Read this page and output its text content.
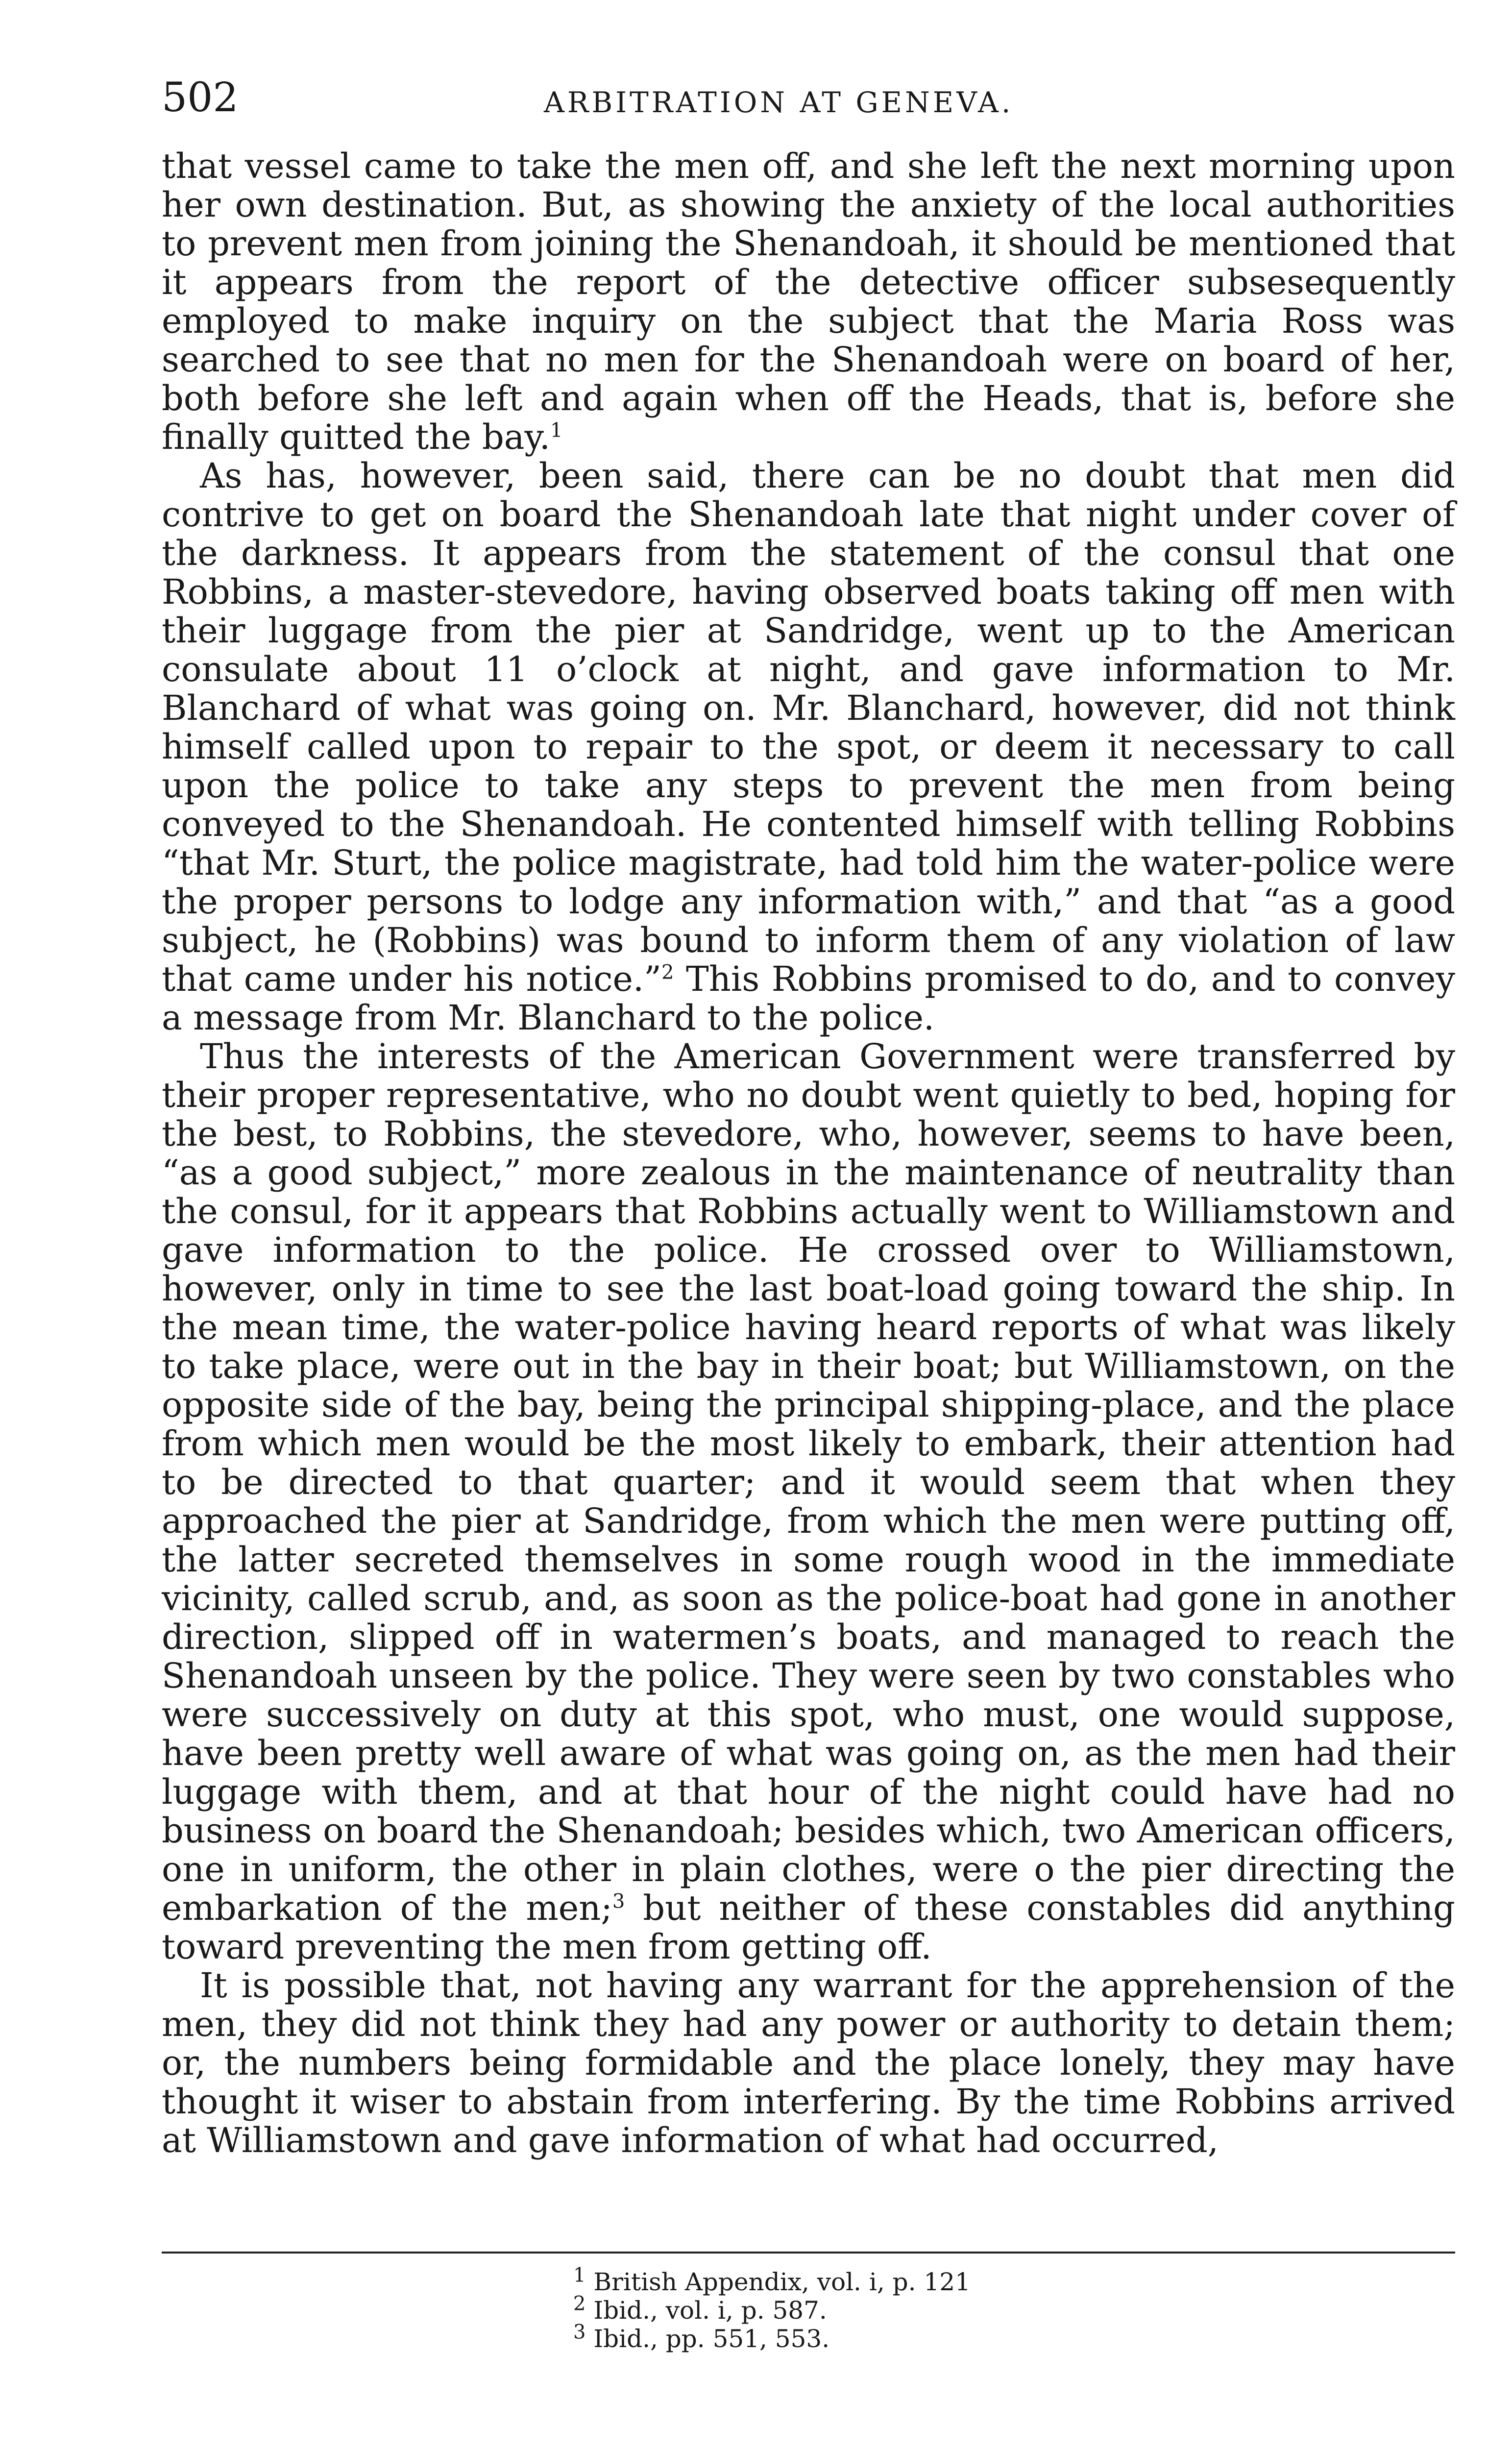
502	ARBITRATION AT GENEVA.

that vessel came to take the men off, and she left the next morning upon her own destination. But, as showing the anxiety of the local authorities to prevent men from joining the Shenandoah, it should be mentioned that it appears from the report of the detective officer subsesequently employed to make inquiry on the subject that the Maria Ross was searched to see that no men for the Shenandoah were on board of her, both before she left and again when off the Heads, that is, before she finally quitted the bay.$^1$

As has, however, been said, there can be no doubt that men did contrive to get on board the Shenandoah late that night under cover of the darkness. It appears from the statement of the consul that one Robbins, a master-stevedore, having observed boats taking off men with their luggage from the pier at Sandridge, went up to the American consulate about 11 o’clock at night, and gave information to Mr. Blanchard of what was going on. Mr. Blanchard, however, did not think himself called upon to repair to the spot, or deem it necessary to call upon the police to take any steps to prevent the men from being conveyed to the Shenandoah. He contented himself with telling Robbins “that Mr. Sturt, the police magistrate, had told him the water-police were the proper persons to lodge any information with,” and that “as a good subject, he (Robbins) was bound to inform them of any violation of law that came under his notice.”$^2$ This Robbins promised to do, and to convey a message from Mr. Blanchard to the police.

Thus the interests of the American Government were transferred by their proper representative, who no doubt went quietly to bed, hoping for the best, to Robbins, the stevedore, who, however, seems to have been, “as a good subject,” more zealous in the maintenance of neutrality than the consul, for it appears that Robbins actually went to Williamstown and gave information to the police. He crossed over to Williamstown, however, only in time to see the last boat-load going toward the ship. In the mean time, the water-police having heard reports of what was likely to take place, were out in the bay in their boat; but Williamstown, on the opposite side of the bay, being the principal shipping-place, and the place from which men would be the most likely to embark, their attention had to be directed to that quarter; and it would seem that when they approached the pier at Sandridge, from which the men were putting off, the latter secreted themselves in some rough wood in the immediate vicinity, called scrub, and, as soon as the police-boat had gone in another direction, slipped off in watermen’s boats, and managed to reach the Shenandoah unseen by the police. They were seen by two constables who were successively on duty at this spot, who must, one would suppose, have been pretty well aware of what was going on, as the men had their luggage with them, and at that hour of the night could have had no business on board the Shenandoah; besides which, two American officers, one in uniform, the other in plain clothes, were o the pier directing the embarkation of the men;$^3$ but neither of these constables did anything toward preventing the men from getting off.

It is possible that, not having any warrant for the apprehension of the men, they did not think they had any power or authority to detain them; or, the numbers being formidable and the place lonely, they may have thought it wiser to abstain from interfering. By the time Robbins arrived at Williamstown and gave information of what had occurred,

$^1$ British Appendix, vol. i, p. 121

$^2$ Ibid., vol. i, p. 587.

$^3$ Ibid., pp. 551, 553.
